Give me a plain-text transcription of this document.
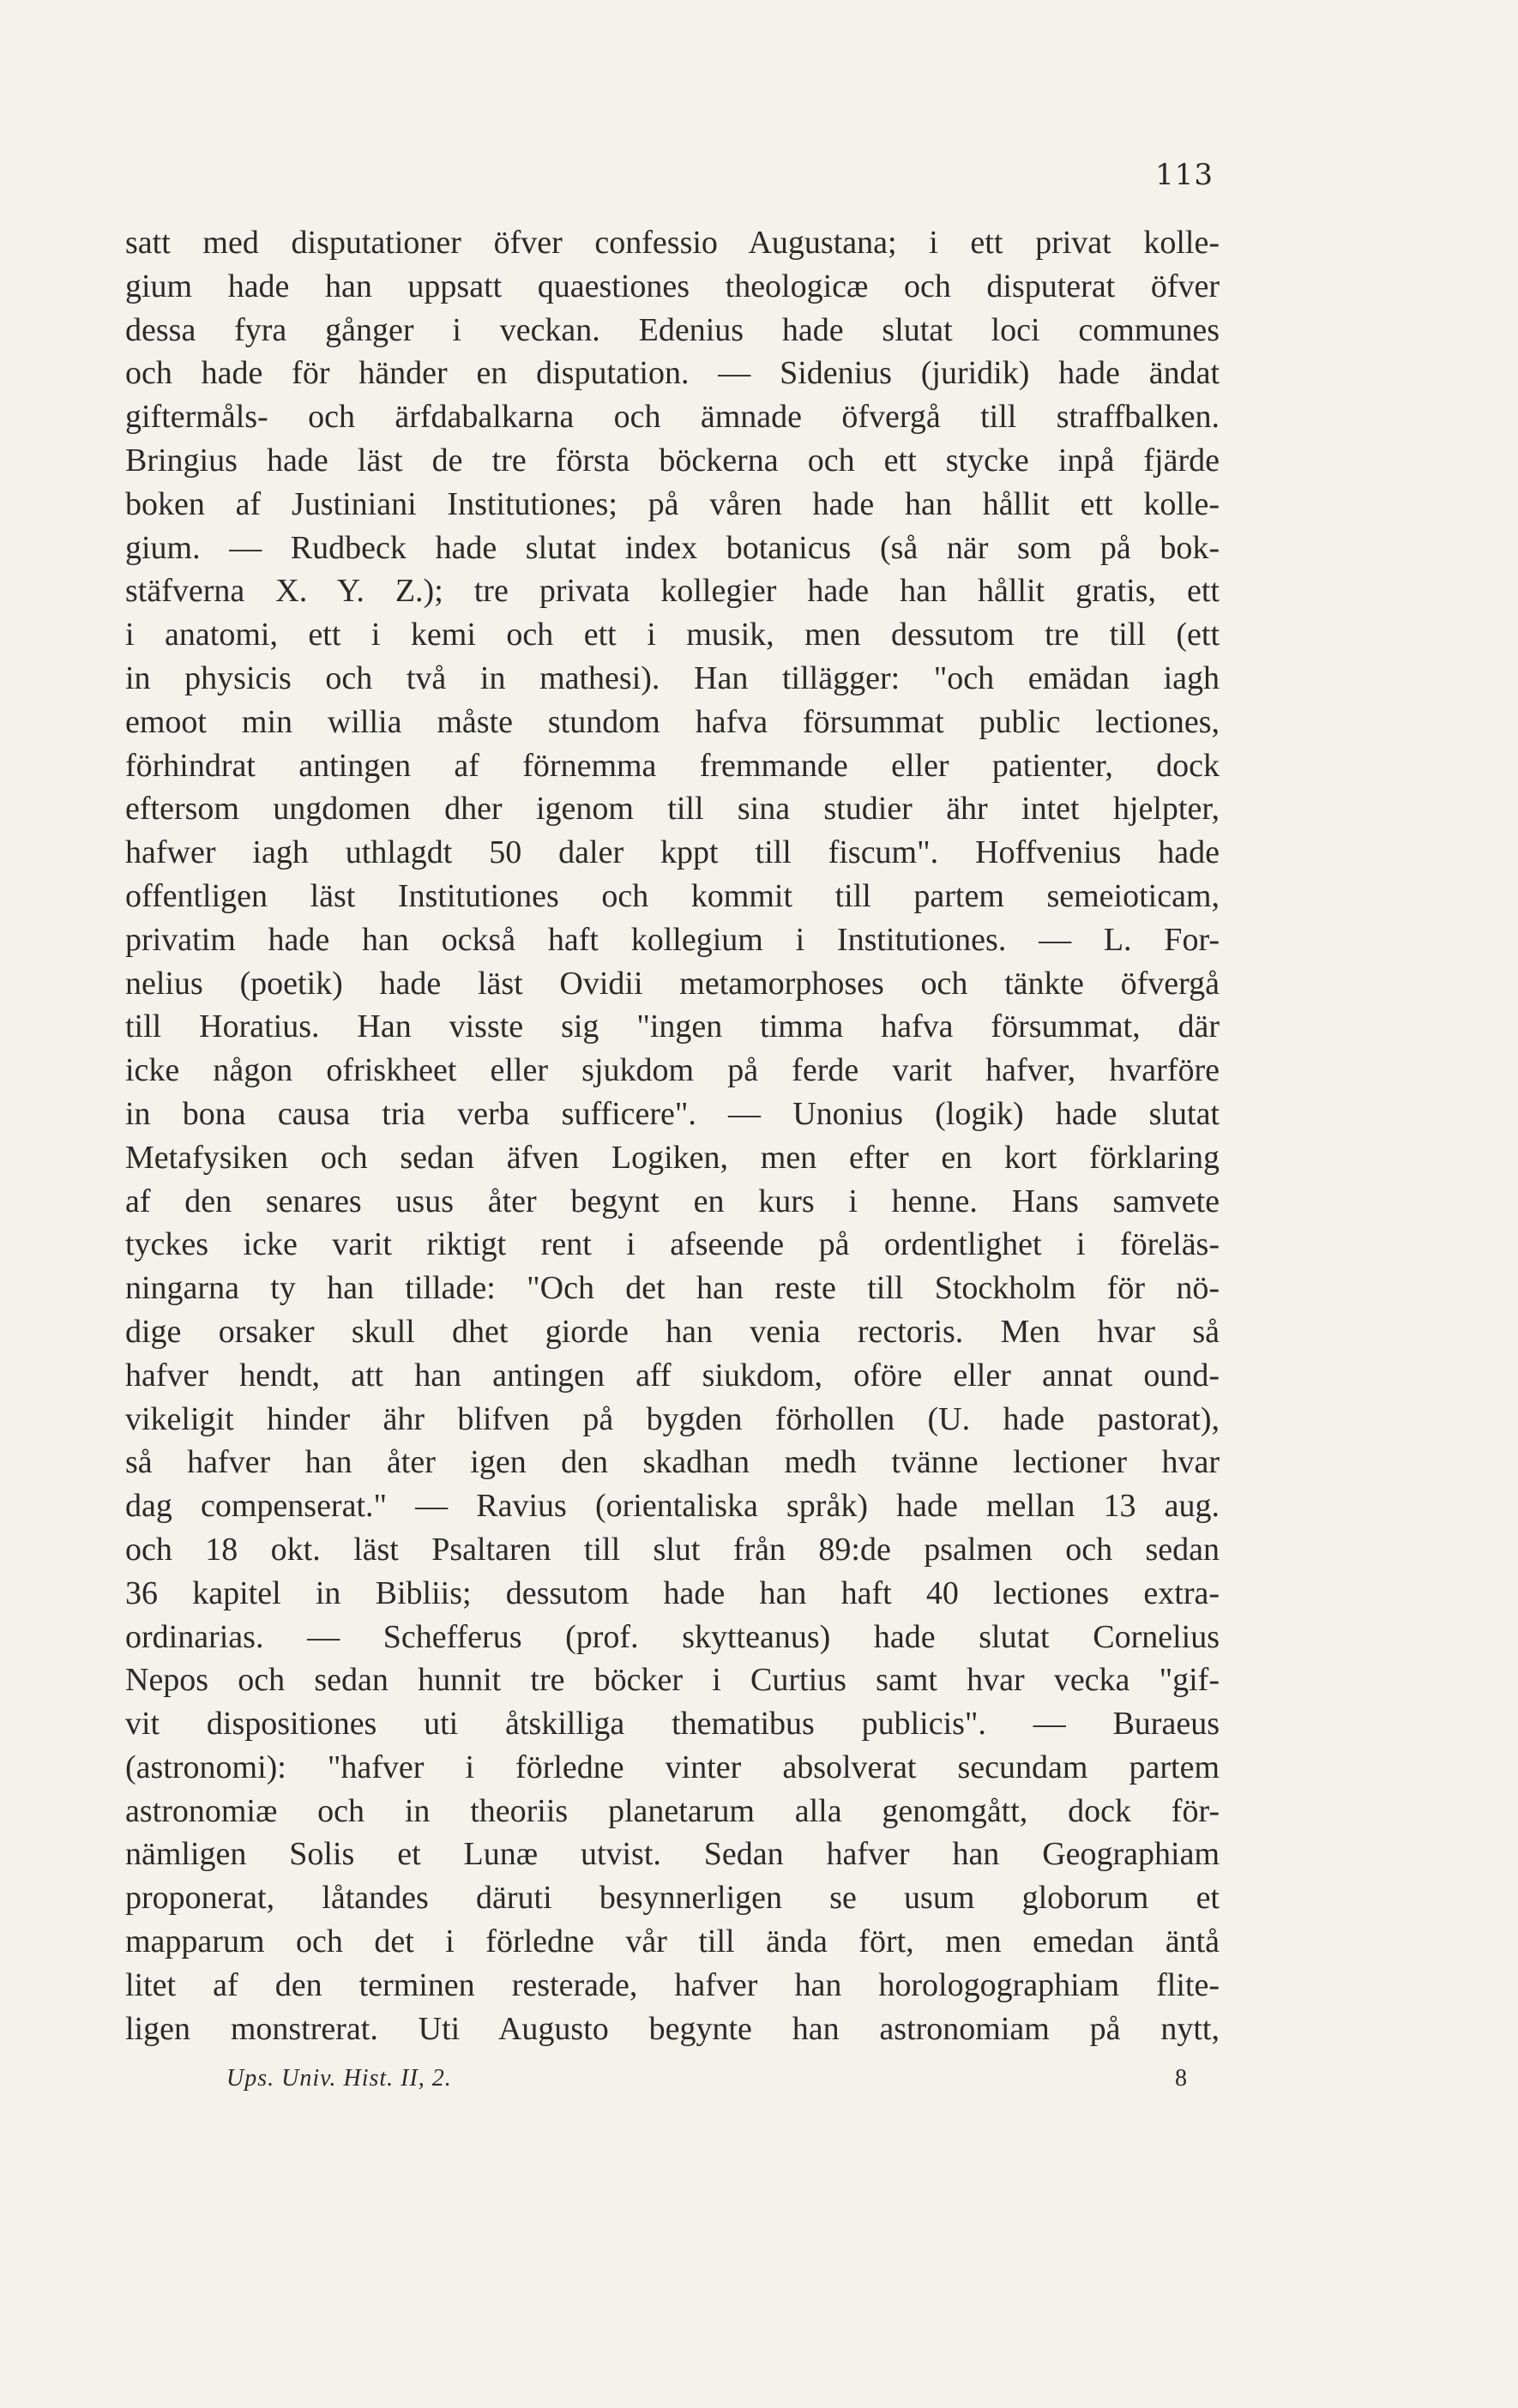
113
satt med disputationer öfver confessio Augustana; i ett privat kolle-
gium hade han uppsatt quaestiones theologicæ och disputerat öfver
dessa fyra gånger i veckan. Edenius hade slutat loci communes
och hade för händer en disputation. — Sidenius (juridik) hade ändat
giftermåls- och ärfdabalkarna och ämnade öfvergå till straffbalken.
Bringius hade läst de tre första böckerna och ett stycke inpå fjärde
boken af Justiniani Institutiones; på våren hade han hållit ett kolle-
gium. — Rudbeck hade slutat index botanicus (så när som på bok-
stäfverna X. Y. Z.); tre privata kollegier hade han hållit gratis, ett
i anatomi, ett i kemi och ett i musik, men dessutom tre till (ett
in physicis och två in mathesi). Han tillägger: "och emädan iagh
emoot min willia måste stundom hafva försummat public lectiones,
förhindrat antingen af förnemma fremmande eller patienter, dock
eftersom ungdomen dher igenom till sina studier ähr intet hjelpter,
hafwer iagh uthlagdt 50 daler kppt till fiscum". Hoffvenius hade
offentligen läst Institutiones och kommit till partem semeioticam,
privatim hade han också haft kollegium i Institutiones. — L. For-
nelius (poetik) hade läst Ovidii metamorphoses och tänkte öfvergå
till Horatius. Han visste sig "ingen timma hafva försummat, där
icke någon ofriskheet eller sjukdom på ferde varit hafver, hvarföre
in bona causa tria verba sufficere". — Unonius (logik) hade slutat
Metafysiken och sedan äfven Logiken, men efter en kort förklaring
af den senares usus åter begynt en kurs i henne. Hans samvete
tyckes icke varit riktigt rent i afseende på ordentlighet i föreläs-
ningarna ty han tillade: "Och det han reste till Stockholm för nö-
dige orsaker skull dhet giorde han venia rectoris. Men hvar så
hafver hendt, att han antingen aff siukdom, oföre eller annat ound-
vikeligit hinder ähr blifven på bygden förhollen (U. hade pastorat),
så hafver han åter igen den skadhan medh tvänne lectioner hvar
dag compenserat." — Ravius (orientaliska språk) hade mellan 13 aug.
och 18 okt. läst Psaltaren till slut från 89:de psalmen och sedan
36 kapitel in Bibliis; dessutom hade han haft 40 lectiones extra-
ordinarias. — Schefferus (prof. skytteanus) hade slutat Cornelius
Nepos och sedan hunnit tre böcker i Curtius samt hvar vecka "gif-
vit dispositiones uti åtskilliga thematibus publicis". — Buraeus
(astronomi): "hafver i förledne vinter absolverat secundam partem
astronomiæ och in theoriis planetarum alla genomgått, dock för-
nämligen Solis et Lunæ utvist. Sedan hafver han Geographiam
proponerat, låtandes däruti besynnerligen se usum globorum et
mapparum och det i förledne vår till ända fört, men emedan äntå
litet af den terminen resterade, hafver han horologographiam flite-
ligen monstrerat. Uti Augusto begynte han astronomiam på nytt,
Ups. Univ. Hist. II, 2.	8
